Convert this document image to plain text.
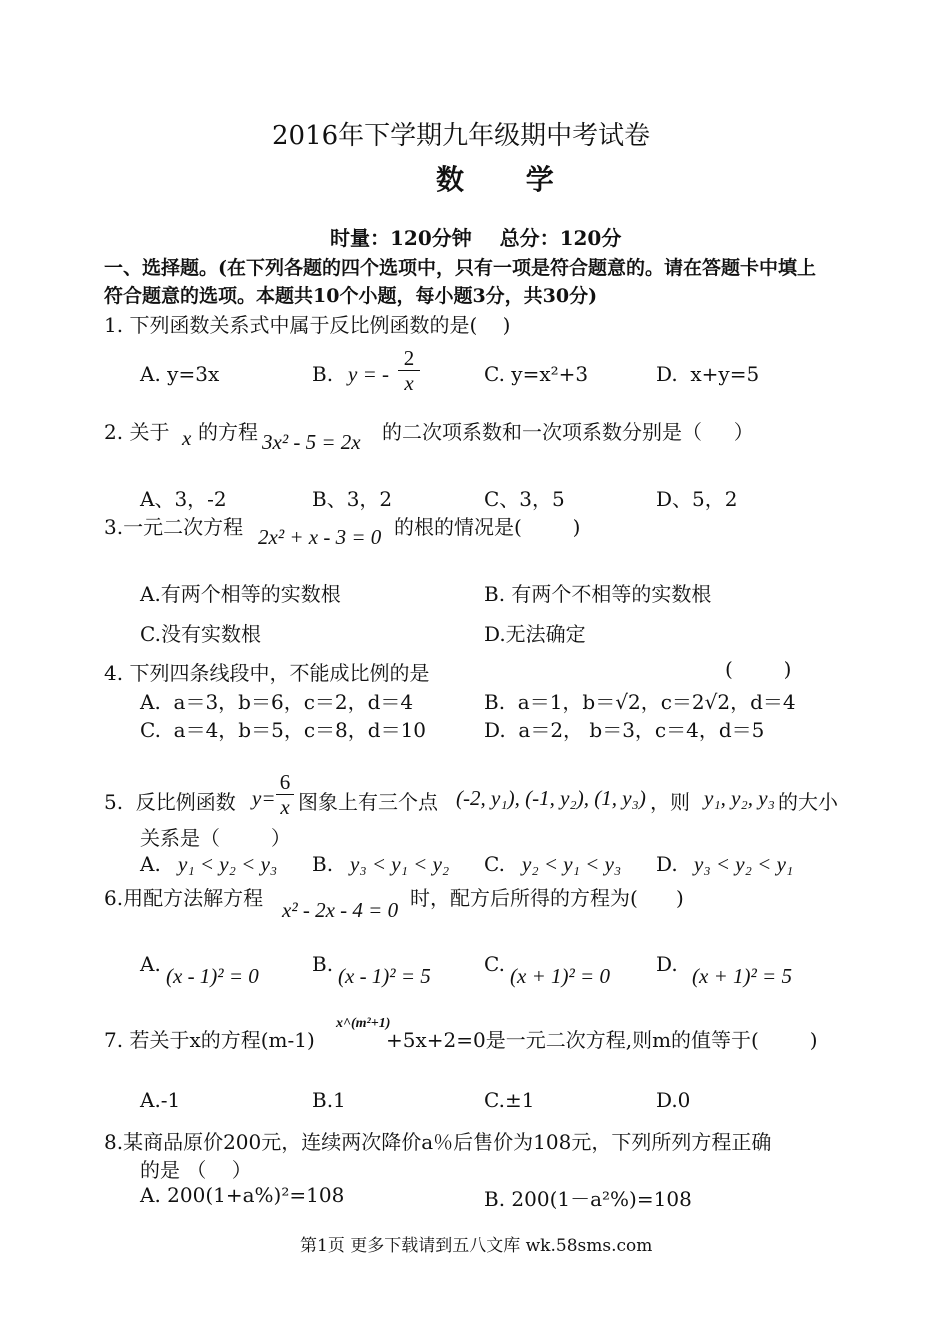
2016年下学期九年级期中考试卷
数 学
时量：120分钟    总分：120分
一、选择题。(在下列各题的四个选项中，只有一项是符合题意的。请在答题卡中填上
符合题意的选项。本题共10个小题，每小题3分，共30分)
1. 下列函数关系式中属于反比例函数的是(    )
A. y=3x	B. y = - $\frac{2}{x}$	C. y=x²+3	D.  x+y=5
2. 关于 x 的方程 3x² - 5 = 2x 的二次项系数和一次项系数分别是（     ）
A、3，-2	B、3，2	C、3，5	D、5，2
3.一元二次方程 2x² + x - 3 = 0 的根的情况是(        )
A.有两个相等的实数根	B. 有两个不相等的实数根
C.没有实数根	D.无法确定
4. 下列四条线段中，不能成比例的是	(        )
A.  a＝3，b＝6，c＝2，d＝4	B.  a＝1，b＝√2，c＝2√2，d＝4
C.  a＝4，b＝5，c＝8，d＝10	D.  a＝2， b＝3，c＝4，d＝5
5.  反比例函数 $y= \frac{6}{x}$ 图象上有三个点 (-2, y₁), (-1, y₂), (1, y₃) ，则 y₁, y₂, y₃ 的大小
关系是（        ）
A. y₁ < y₂ < y₃ B. y₃ < y₁ < y₂ C. y₂ < y₁ < y₃ D. y₃ < y₂ < y₁
6.用配方法解方程 x² - 2x - 4 = 0 时，配方后所得的方程为(      )
A. (x - 1)² = 0	B. (x - 1)² = 5	C. (x + 1)² = 0 D. (x + 1)² = 5
7. 若关于x的方程(m-1)
x^(m²+1)
+5x+2=0是一元二次方程,则m的值等于(        )
A.-1	B.1	C.±1	D.0
8.某商品原价200元，连续两次降价a％后售价为108元，下列所列方程正确
的是 （    ）
A. 200(1+a%)²=108	B. 200(1－a²%)=108
第1页 更多下载请到五八文库 wk.58sms.com
